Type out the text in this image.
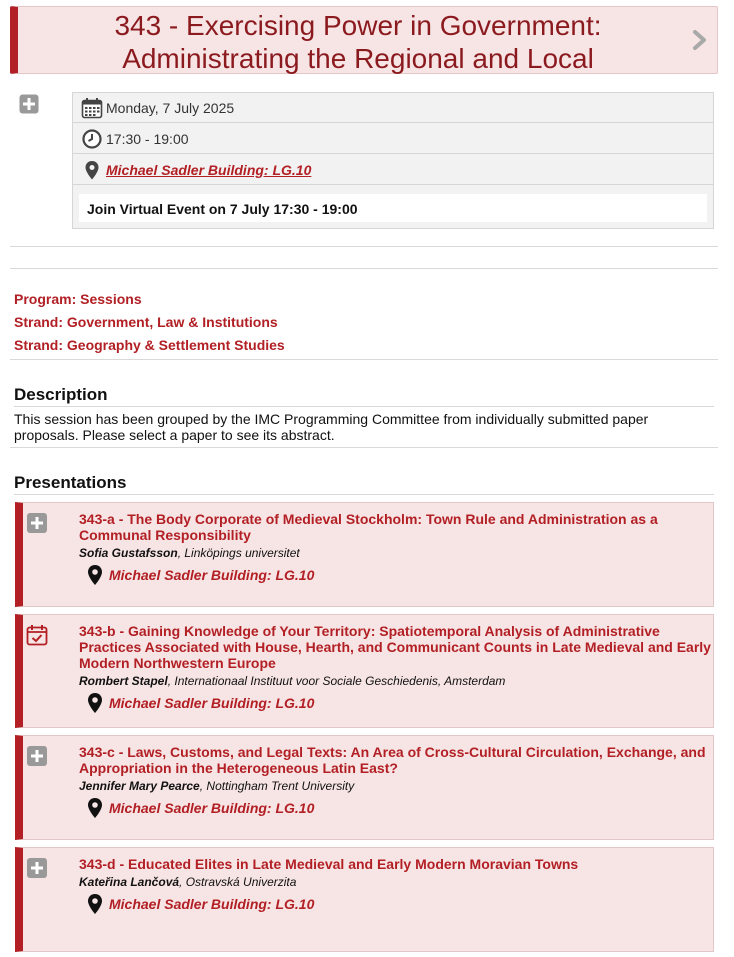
343 - Exercising Power in Government:
Administrating the Regional and Local
Monday, 7 July 2025
17:30 - 19:00
Michael Sadler Building: LG.10
Join Virtual Event on 7 July 17:30 - 19:00
Program: Sessions
Strand: Government, Law & Institutions
Strand: Geography & Settlement Studies
Description
This session has been grouped by the IMC Programming Committee from individually submitted paper proposals. Please select a paper to see its abstract.
Presentations
343-a - The Body Corporate of Medieval Stockholm: Town Rule and Administration as a Communal Responsibility
Sofia Gustafsson, Linköpings universitet
Michael Sadler Building: LG.10
343-b - Gaining Knowledge of Your Territory: Spatiotemporal Analysis of Administrative Practices Associated with House, Hearth, and Communicant Counts in Late Medieval and Early Modern Northwestern Europe
Rombert Stapel, Internationaal Instituut voor Sociale Geschiedenis, Amsterdam
Michael Sadler Building: LG.10
343-c - Laws, Customs, and Legal Texts: An Area of Cross-Cultural Circulation, Exchange, and Appropriation in the Heterogeneous Latin East?
Jennifer Mary Pearce, Nottingham Trent University
Michael Sadler Building: LG.10
343-d - Educated Elites in Late Medieval and Early Modern Moravian Towns
Kateřina Lančová, Ostravská Univerzita
Michael Sadler Building: LG.10
